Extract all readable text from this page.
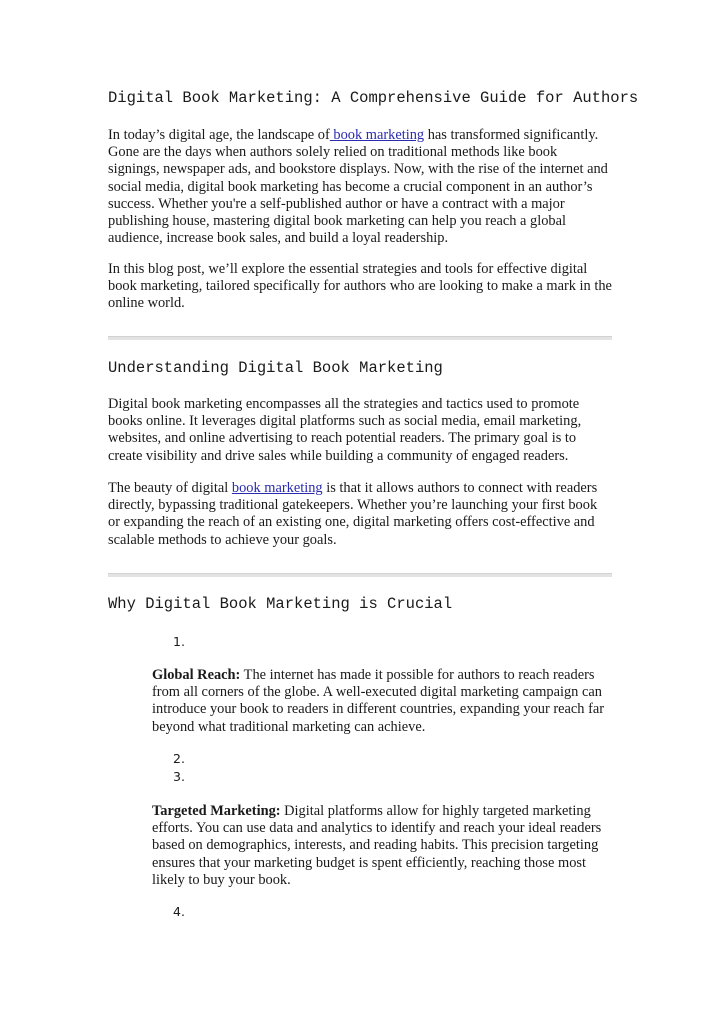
Digital Book Marketing: A Comprehensive Guide for Authors

In today’s digital age, the landscape of book marketing has transformed significantly. Gone are the days when authors solely relied on traditional methods like book signings, newspaper ads, and bookstore displays. Now, with the rise of the internet and social media, digital book marketing has become a crucial component in an author’s success. Whether you're a self-published author or have a contract with a major publishing house, mastering digital book marketing can help you reach a global audience, increase book sales, and build a loyal readership.

In this blog post, we’ll explore the essential strategies and tools for effective digital book marketing, tailored specifically for authors who are looking to make a mark in the online world.

Understanding Digital Book Marketing

Digital book marketing encompasses all the strategies and tactics used to promote books online. It leverages digital platforms such as social media, email marketing, websites, and online advertising to reach potential readers. The primary goal is to create visibility and drive sales while building a community of engaged readers.

The beauty of digital book marketing is that it allows authors to connect with readers directly, bypassing traditional gatekeepers. Whether you’re launching your first book or expanding the reach of an existing one, digital marketing offers cost-effective and scalable methods to achieve your goals.

Why Digital Book Marketing is Crucial
1.

Global Reach: The internet has made it possible for authors to reach readers from all corners of the globe. A well-executed digital marketing campaign can introduce your book to readers in different countries, expanding your reach far beyond what traditional marketing can achieve.

2.
3.

Targeted Marketing: Digital platforms allow for highly targeted marketing efforts. You can use data and analytics to identify and reach your ideal readers based on demographics, interests, and reading habits. This precision targeting ensures that your marketing budget is spent efficiently, reaching those most likely to buy your book.

4.
